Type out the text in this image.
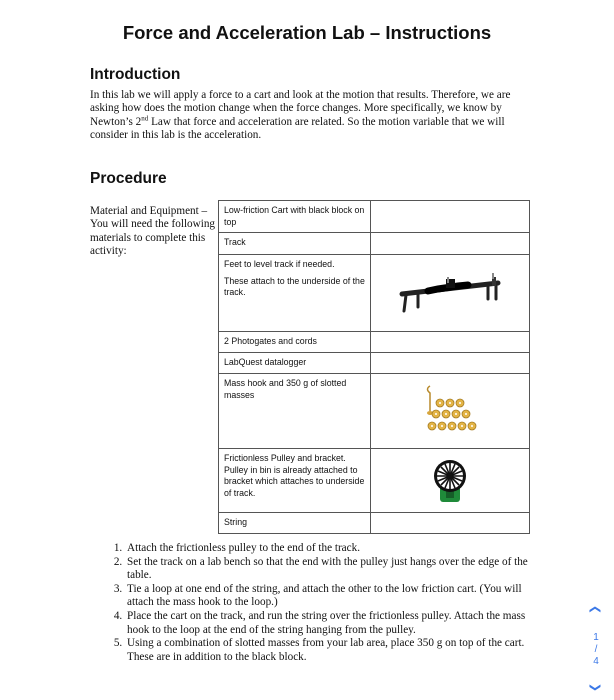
Force and Acceleration Lab – Instructions
Introduction
In this lab we will apply a force to a cart and look at the motion that results. Therefore, we are asking how does the motion change when the force changes. More specifically, we know by Newton’s 2nd Law that force and acceleration are related. So the motion variable that we will consider in this lab is the acceleration.
Procedure
Material and Equipment – You will need the following materials to complete this activity:
Low-friction Cart with black block on top	
Track	

Feet to level track if needed.
These attach to the underside of the track.

2 Photogates and cords	
LabQuest datalogger	
Mass hook and 350 g of slotted masses	

Frictionless Pulley and bracket. Pulley in bin is already attached to bracket which attaches to underside of track.	

String	
1. Attach the frictionless pulley to the end of the track.
2. Set the track on a lab bench so that the end with the pulley just hangs over the edge of the table.
3. Tie a loop at one end of the string, and attach the other to the low friction cart. (You will attach the mass hook to the loop.)
4. Place the cart on the track, and run the string over the frictionless pulley. Attach the mass hook to the loop at the end of the string hanging from the pulley.
5. Using a combination of slotted masses from your lab area, place 350 g on top of the cart. These are in addition to the black block.
❮
1
/
4
❯
